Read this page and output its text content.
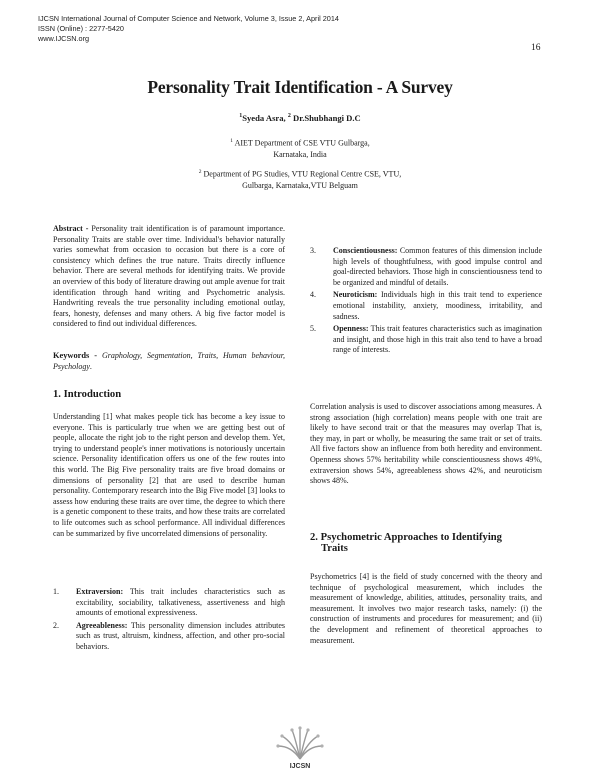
IJCSN International Journal of Computer Science and Network, Volume 3, Issue 2, April 2014
ISSN (Online) : 2277-5420
www.IJCSN.org
16
Personality Trait Identification - A Survey
$^1$Syeda Asra, $^2$ Dr.Shubhangi D.C
$^1$ AIET Department of CSE VTU Gulbarga,
Karnataka, India
$^2$ Department of PG Studies, VTU Regional Centre CSE, VTU,
Gulbarga, Karnataka,VTU Belguam
Abstract - Personality trait identification is of paramount importance. Personality Traits are stable over time. Individual's behavior naturally varies somewhat from occasion to occasion but there is a core of consistency which defines the true nature. Traits directly influence behavior. There are several methods for identifying traits. We provide an overview of this body of literature drawing out ample avenue for trait identification through hand writing and Psychometric analysis. Handwriting reveals the true personality including emotional outlay, fears, honesty, defenses and many others. A big five factor model is considered to find out individual differences.
Keywords - Graphology, Segmentation, Traits, Human behaviour, Psychology.
1. Introduction
Understanding [1] what makes people tick has become a key issue to everyone. This is particularly true when we are getting best out of people, allocate the right job to the right person and develop them. Yet, trying to understand people's inner motivations is notoriously uncertain science. Personality identification offers us one of the few routes into this world. The Big Five personality traits are five broad domains or dimensions of personality [2] that are used to describe human personality. Contemporary research into the Big Five model [3] looks to assess how enduring these traits are over time, the degree to which there is a genetic component to these traits, and how these traits are correlated to life outcomes such as school performance. All individual differences can be summarized by five uncorrelated dimensions of personality.
1. Extraversion: This trait includes characteristics such as excitability, sociability, talkativeness, assertiveness and high amounts of emotional expressiveness.
2. Agreeableness: This personality dimension includes attributes such as trust, altruism, kindness, affection, and other pro-social behaviors.
3. Conscientiousness: Common features of this dimension include high levels of thoughtfulness, with good impulse control and goal-directed behaviors. Those high in conscientiousness tend to be organized and mindful of details.
4. Neuroticism: Individuals high in this trait tend to experience emotional instability, anxiety, moodiness, irritability, and sadness.
5. Openness: This trait features characteristics such as imagination and insight, and those high in this trait also tend to have a broad range of interests.
Correlation analysis is used to discover associations among measures. A strong association (high correlation) means people with one trait are likely to have second trait or that the measures may overlap That is, they may, in part or wholly, be measuring the same trait or set of traits. All five factors show an influence from both heredity and environment. Openness shows 57% heritability while conscientiousness shows 49%, extraversion shows 54%, agreeableness shows 42%, and neuroticism shows 48%.
2. Psychometric Approaches to Identifying
Traits
Psychometrics [4] is the field of study concerned with the theory and technique of psychological measurement, which includes the measurement of knowledge, abilities, attitudes, personality traits, and measurement. It involves two major research tasks, namely: (i) the construction of instruments and procedures for measurement; and (ii) the development and refinement of theoretical approaches to measurement.
IJCSN
